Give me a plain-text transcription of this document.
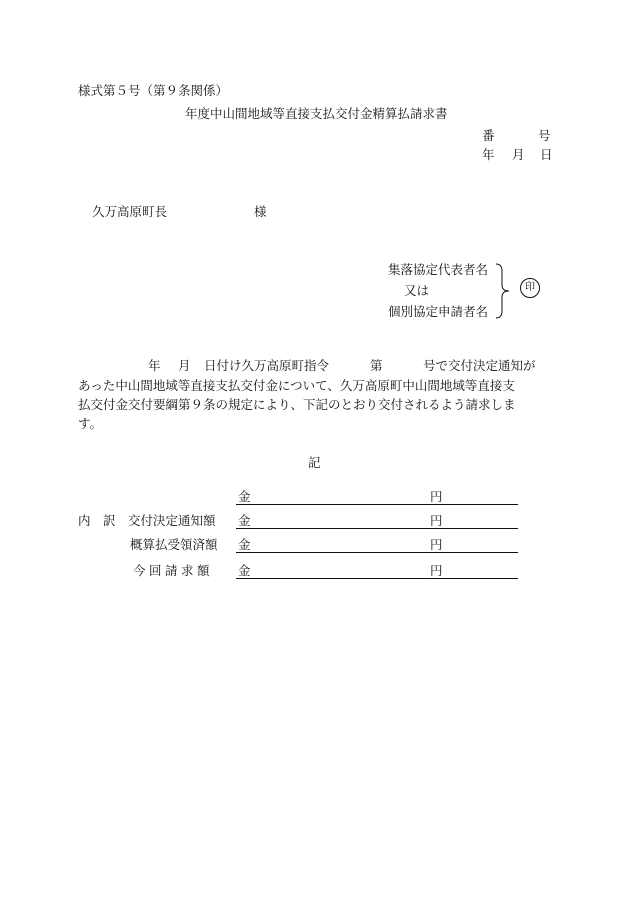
様式第５号（第９条関係）
年度中山間地域等直接支払交付金精算払請求書
番	号
年 月 日
久万高原町長	様
集落協定代表者名
又は
個別協定申請者名
印
年 月 日付け久万高原町指令	第	号で交付決定通知が
あった中山間地域等直接支払交付金について、久万高原町中山間地域等直接支
払交付金交付要綱第９条の規定により、下記のとおり交付されるよう請求しま
す。
記
金	円
内　訳 交付決定通知額 金	円
概算払受領済額 金	円
今回請求額 金	円
